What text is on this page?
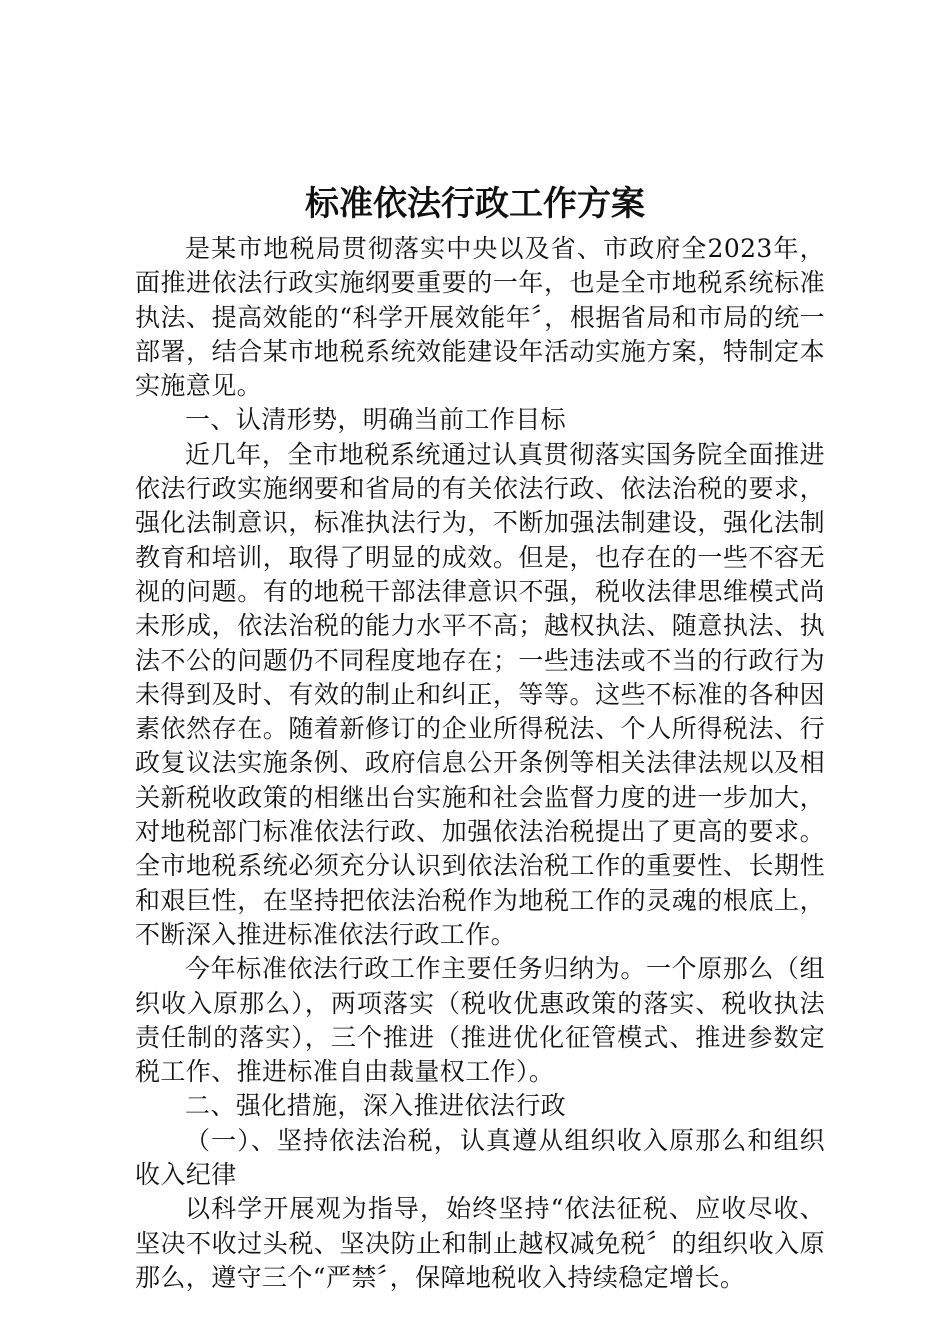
标准依法行政工作方案

是某市地税局贯彻落实中央以及省、市政府全2023年，面推进依法行政实施纲要重要的一年，也是全市地税系统标准执法、提高效能的“科学开展效能年〞，根据省局和市局的统一部署，结合某市地税系统效能建设年活动实施方案，特制定本实施意见。

一、认清形势，明确当前工作目标

近几年，全市地税系统通过认真贯彻落实国务院全面推进依法行政实施纲要和省局的有关依法行政、依法治税的要求，强化法制意识，标准执法行为，不断加强法制建设，强化法制教育和培训，取得了明显的成效。但是，也存在的一些不容无视的问题。有的地税干部法律意识不强，税收法律思维模式尚未形成，依法治税的能力水平不高；越权执法、随意执法、执法不公的问题仍不同程度地存在；一些违法或不当的行政行为未得到及时、有效的制止和纠正，等等。这些不标准的各种因素依然存在。随着新修订的企业所得税法、个人所得税法、行政复议法实施条例、政府信息公开条例等相关法律法规以及相关新税收政策的相继出台实施和社会监督力度的进一步加大，对地税部门标准依法行政、加强依法治税提出了更高的要求。全市地税系统必须充分认识到依法治税工作的重要性、长期性和艰巨性，在坚持把依法治税作为地税工作的灵魂的根底上，不断深入推进标准依法行政工作。

今年标准依法行政工作主要任务归纳为。一个原那么（组织收入原那么），两项落实（税收优惠政策的落实、税收执法责任制的落实），三个推进（推进优化征管模式、推进参数定税工作、推进标准自由裁量权工作）。

二、强化措施，深入推进依法行政

（一）、坚持依法治税，认真遵从组织收入原那么和组织收入纪律

以科学开展观为指导，始终坚持“依法征税、应收尽收、坚决不收过头税、坚决防止和制止越权减免税〞的组织收入原那么，遵守三个“严禁〞，保障地税收入持续稳定增长。
